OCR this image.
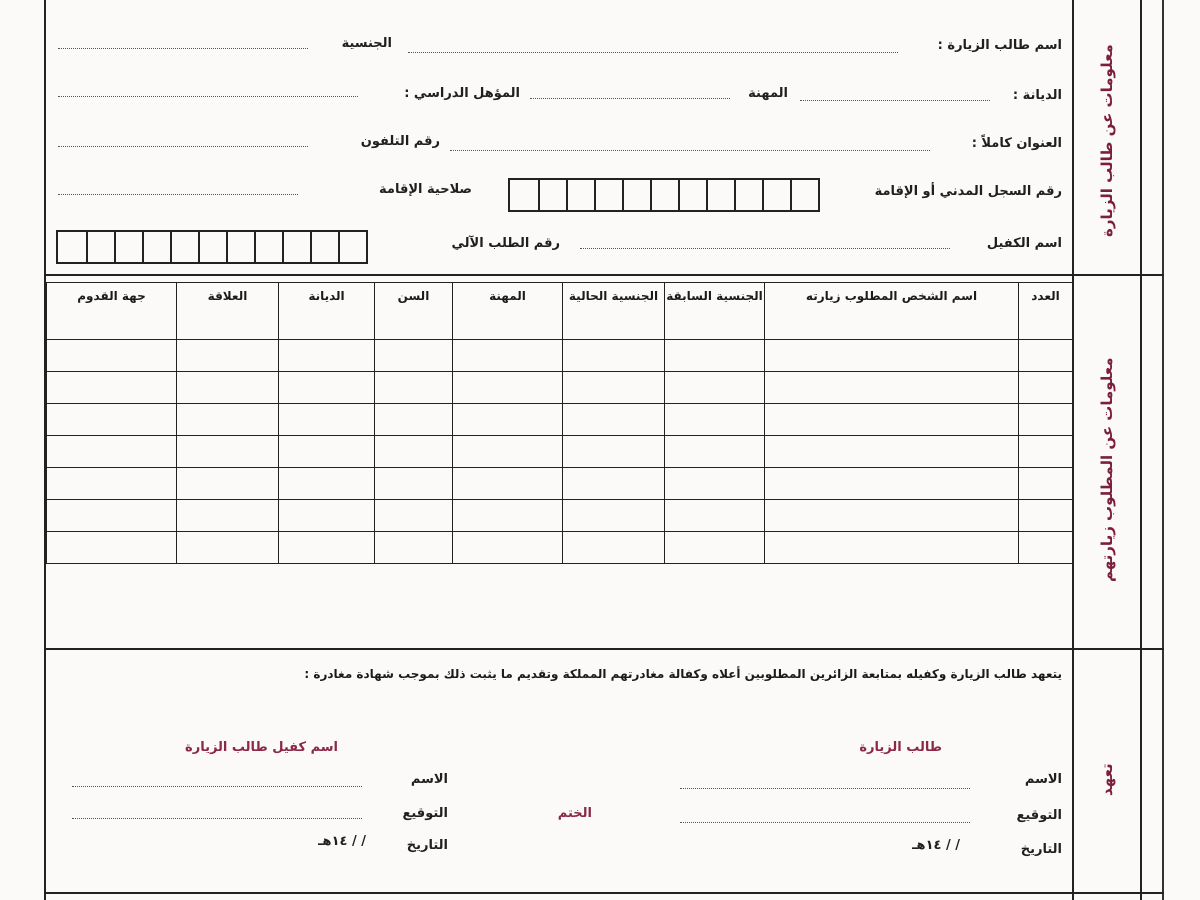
معلومات عن طالب الزيارة
معلومات عن المطلوب زيارتهم
تعهد
اسم طالب الزيارة :
الجنسية
الديانة :
المهنة
المؤهل الدراسي :
العنوان كاملاً :
رقم التلفون
رقم السجل المدني أو الإقامة
صلاحية الإقامة
اسم الكفيل
رقم الطلب الآلي
العدد	اسم الشخص المطلوب زيارته	الجنسية السابقة	الجنسية الحالية	المهنة	السن	الديانة	العلاقة	جهة القدوم

يتعهد طالب الزيارة وكفيله بمتابعة الزائرين المطلوبين أعلاه وكفالة مغادرتهم المملكة وتقديم ما يثبت ذلك بموجب شهادة مغادرة :
طالب الزيارة
اسم كفيل طالب الزيارة
الاسم
التوقيع
التاريخ
/ / ١٤هـ
الختم
الاسم
التوقيع
التاريخ
/ / ١٤هـ
